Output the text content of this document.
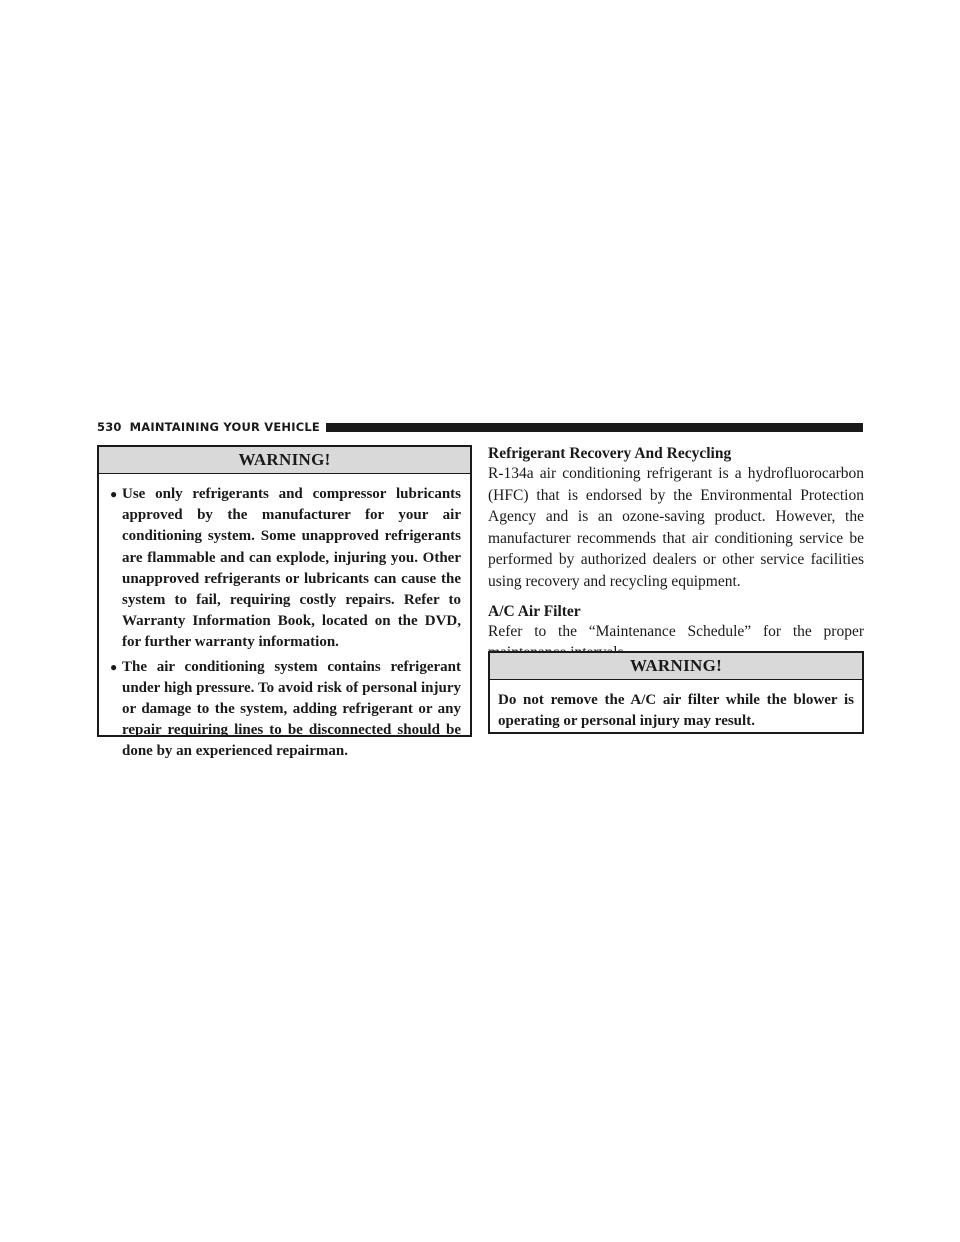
530 MAINTAINING YOUR VEHICLE
WARNING!
● Use only refrigerants and compressor lubricants approved by the manufacturer for your air conditioning system. Some unapproved refrigerants are flammable and can explode, injuring you. Other unapproved refrigerants or lubricants can cause the system to fail, requiring costly repairs. Refer to Warranty Information Book, located on the DVD, for further warranty information.
● The air conditioning system contains refrigerant under high pressure. To avoid risk of personal injury or damage to the system, adding refrigerant or any repair requiring lines to be disconnected should be done by an experienced repairman.
Refrigerant Recovery And Recycling

R-134a air conditioning refrigerant is a hydrofluorocarbon (HFC) that is endorsed by the Environmental Protection Agency and is an ozone-saving product. However, the manufacturer recommends that air conditioning service be performed by authorized dealers or other service facilities using recovery and recycling equipment.

A/C Air Filter

Refer to the “Maintenance Schedule” for the proper

WARNING!
Do not remove the A/C air filter while the blower is operating or personal injury may result.
